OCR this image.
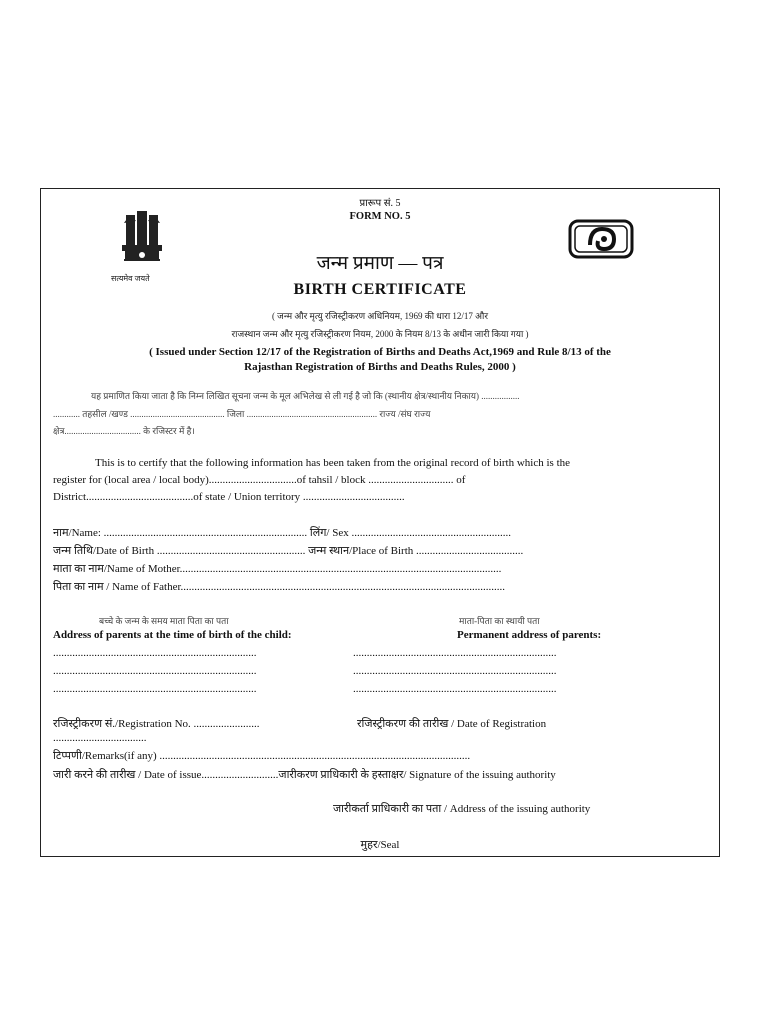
सत्यमेव जयते
प्रारूप सं. 5
FORM NO. 5
जन्म प्रमाण — पत्र
BIRTH CERTIFICATE
( जन्म और मृत्यु रजिस्ट्रीकरण अधिनियम, 1969 की धारा 12/17 और
राजस्थान जन्म और मृत्यु रजिस्ट्रीकरण नियम, 2000 के नियम 8/13 के अधीन जारी किया गया )
( Issued under Section 12/17 of the Registration of Births and Deaths Act,1969 and Rule 8/13 of the
Rajasthan Registration of Births and Deaths Rules, 2000 )
यह प्रमाणित किया जाता है कि निम्न लिखित सूचना जन्म के मूल अभिलेख से ली गई है जो कि (स्थानीय क्षेत्र/स्थानीय निकाय) .................
............ तहसील /खण्ड .......................................... जिला .......................................................... राज्य /संघ राज्य
क्षेत्र.................................. के रजिस्टर में है।
This is to certify that the following information has been taken from the original record of birth which is the
register for (local area / local body)................................of tahsil / block ............................... of
District.......................................of state / Union territory .....................................
नाम/Name: .......................................................................... लिंग/ Sex ..........................................................
जन्म तिथि/Date of Birth ...................................................... जन्म स्थान/Place of Birth .......................................
माता का नाम/Name of Mother.....................................................................................................................
पिता का नाम / Name of Father......................................................................................................................
बच्चे के जन्म के समय माता पिता का पता	माता-पिता का स्थायी पता
Address of parents at the time of birth of the child:	Permanent address of parents:
..........................................................................	..........................................................................
..........................................................................	..........................................................................
..........................................................................	..........................................................................
रजिस्ट्रीकरण सं./Registration No. ........................	रजिस्ट्रीकरण की तारीख / Date of Registration
..................................
टिप्पणी/Remarks(if any) .................................................................................................................
जारी करने की तारीख / Date of issue............................जारीकरण प्राधिकारी के हस्ताक्षर/ Signature of the issuing authority
जारीकर्ता प्राधिकारी का पता / Address of the issuing authority
मुहर/Seal
